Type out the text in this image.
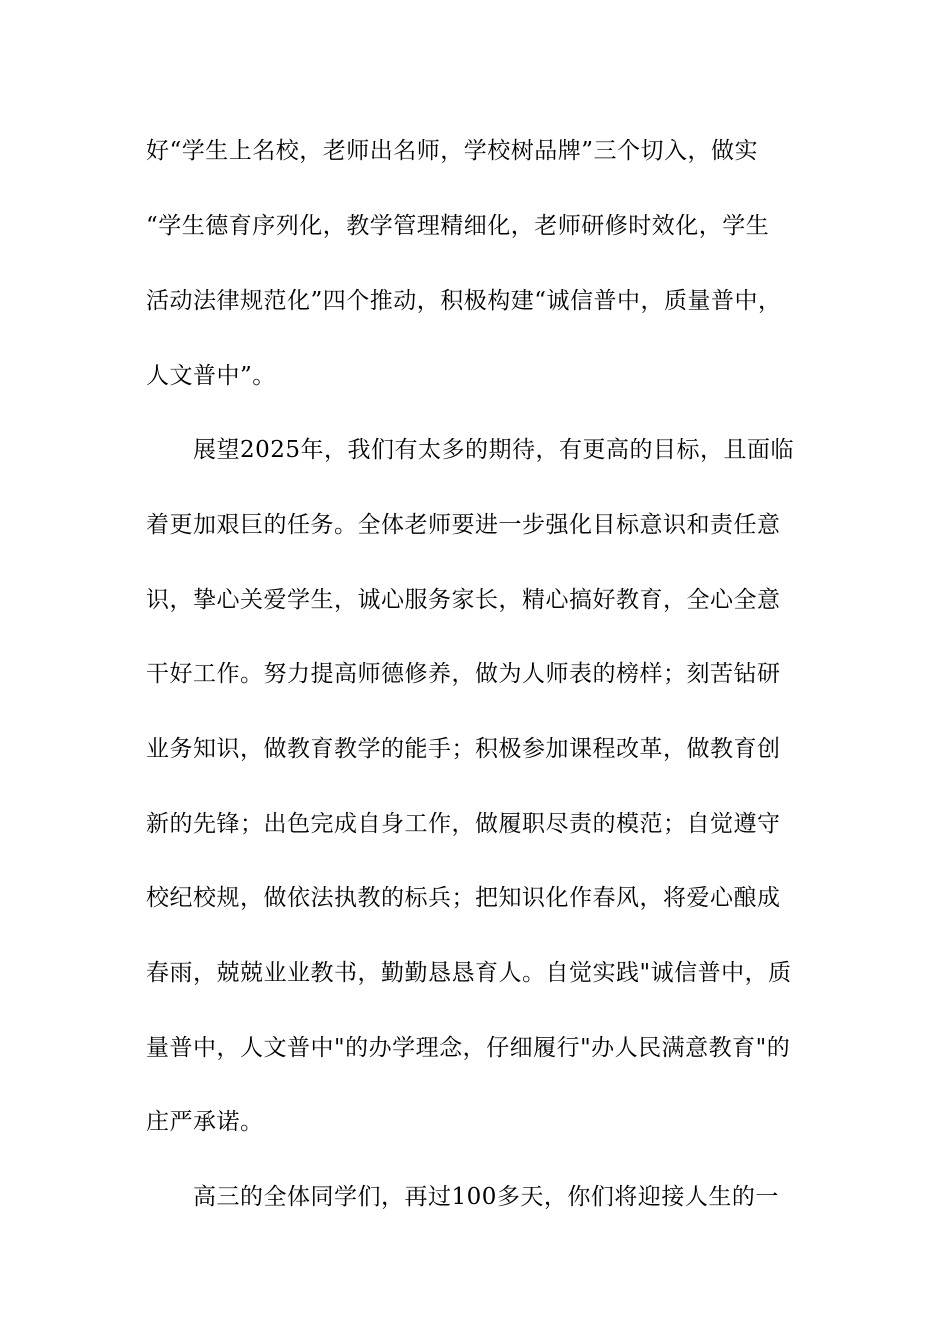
好“学生上名校，老师出名师，学校树品牌”三个切入，做实
“学生德育序列化，教学管理精细化，老师研修时效化，学生
活动法律规范化”四个推动，积极构建“诚信普中，质量普中，
人文普中”。
展望2025年，我们有太多的期待，有更高的目标，且面临
着更加艰巨的任务。全体老师要进一步强化目标意识和责任意
识，挚心关爱学生，诚心服务家长，精心搞好教育，全心全意
干好工作。努力提高师德修养，做为人师表的榜样；刻苦钻研
业务知识，做教育教学的能手；积极参加课程改革，做教育创
新的先锋；出色完成自身工作，做履职尽责的模范；自觉遵守
校纪校规，做依法执教的标兵；把知识化作春风，将爱心酿成
春雨，兢兢业业教书，勤勤恳恳育人。自觉实践"诚信普中，质
量普中，人文普中"的办学理念，仔细履行"办人民满意教育"的
庄严承诺。
高三的全体同学们，再过100多天，你们将迎接人生的一
